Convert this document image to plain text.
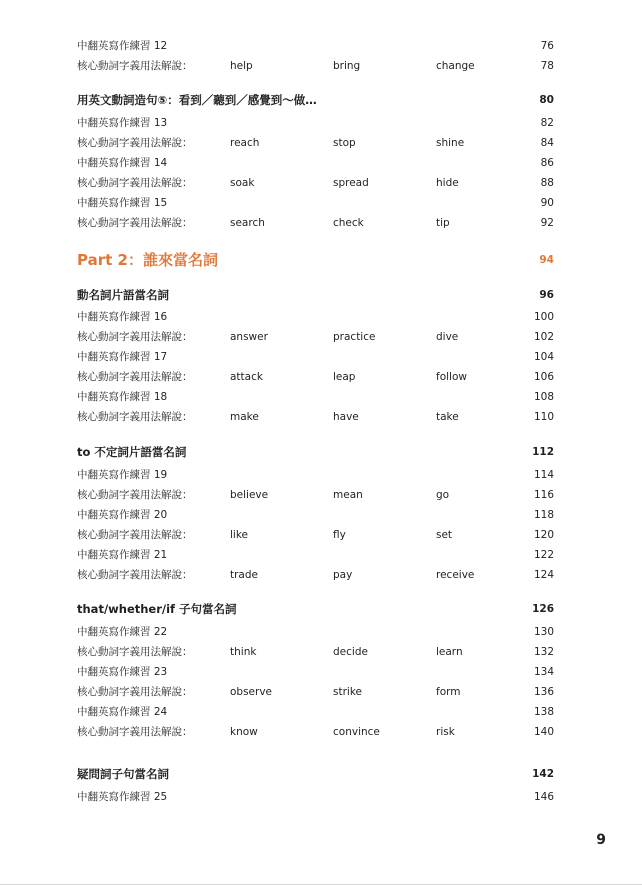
中翻英寫作練習 12	76
核心動詞字義用法解說：	help	bring	change	78
用英文動詞造句⑤：看到／聽到／感覺到～做…	80
中翻英寫作練習 13	82
核心動詞字義用法解說：	reach	stop	shine	84
中翻英寫作練習 14	86
核心動詞字義用法解說：	soak	spread	hide	88
中翻英寫作練習 15	90
核心動詞字義用法解說：	search	check	tip	92
Part 2：誰來當名詞	94
動名詞片語當名詞	96
中翻英寫作練習 16	100
核心動詞字義用法解說：	answer	practice	dive	102
中翻英寫作練習 17	104
核心動詞字義用法解說：	attack	leap	follow	106
中翻英寫作練習 18	108
核心動詞字義用法解說：	make	have	take	110
to 不定詞片語當名詞	112
中翻英寫作練習 19	114
核心動詞字義用法解說：	believe	mean	go	116
中翻英寫作練習 20	118
核心動詞字義用法解說：	like	fly	set	120
中翻英寫作練習 21	122
核心動詞字義用法解說：	trade	pay	receive	124
that/whether/if 子句當名詞	126
中翻英寫作練習 22	130
核心動詞字義用法解說：	think	decide	learn	132
中翻英寫作練習 23	134
核心動詞字義用法解說：	observe	strike	form	136
中翻英寫作練習 24	138
核心動詞字義用法解說：	know	convince	risk	140
疑問詞子句當名詞	142
中翻英寫作練習 25	146
9
